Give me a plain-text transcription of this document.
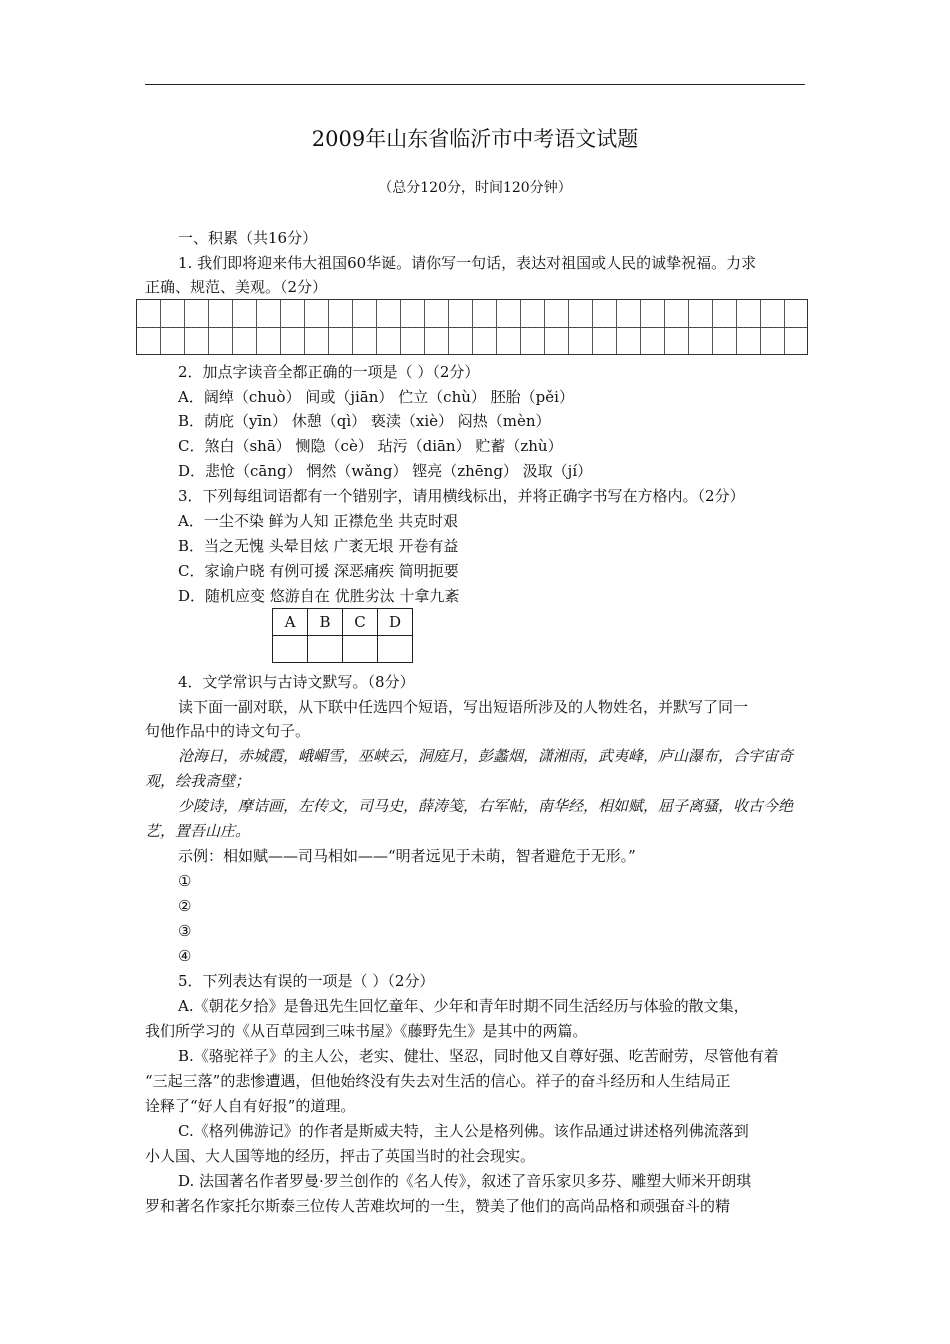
2009年山东省临沂市中考语文试题
（总分120分，时间120分钟）
一、积累（共16分）
1. 我们即将迎来伟大祖国60华诞。请你写一句话，表达对祖国或人民的诚挚祝福。力求
正确、规范、美观。（2分）
2．加点字读音全都正确的一项是（ ）（2分）
A．阔绰（chuò） 间或（jiān） 伫立（chù） 胚胎（pěi）
B．荫庇（yīn） 休憩（qì） 亵渎（xiè） 闷热（mèn）
C．煞白（shā） 恻隐（cè） 玷污（diān） 贮蓄（zhù）
D．悲怆（cāng） 惘然（wǎng） 铿亮（zhēng） 汲取（jí）
3．下列每组词语都有一个错别字，请用横线标出，并将正确字书写在方格内。（2分）
A．一尘不染 鲜为人知 正襟危坐 共克时艰
B．当之无愧 头晕目炫 广袤无垠 开卷有益
C．家谕户晓 有例可援 深恶痛疾 简明扼要
D．随机应变 悠游自在 优胜劣汰 十拿九紊
A	B	C	D

4．文学常识与古诗文默写。（8分）
读下面一副对联，从下联中任选四个短语，写出短语所涉及的人物姓名，并默写了同一
句他作品中的诗文句子。
沧海日，赤城霞，峨嵋雪，巫峡云，洞庭月，彭蠡烟，潇湘雨，武夷峰，庐山瀑布，合宇宙奇
观，绘我斋壁；
少陵诗，摩诘画，左传文，司马史，薛涛笺，右军帖，南华经，相如赋，屈子离骚，收古今绝
艺，置吾山庄。
示例：相如赋——司马相如——“明者远见于未萌，智者避危于无形。”
①
②
③
④
5．下列表达有误的一项是（ ）（2分）
A.《朝花夕拾》是鲁迅先生回忆童年、少年和青年时期不同生活经历与体验的散文集，
我们所学习的《从百草园到三味书屋》《藤野先生》是其中的两篇。
B.《骆驼祥子》的主人公，老实、健壮、坚忍，同时他又自尊好强、吃苦耐劳，尽管他有着
“三起三落”的悲惨遭遇，但他始终没有失去对生活的信心。祥子的奋斗经历和人生结局正
诠释了“好人自有好报”的道理。
C.《格列佛游记》的作者是斯威夫特，主人公是格列佛。该作品通过讲述格列佛流落到
小人国、大人国等地的经历，抨击了英国当时的社会现实。
D. 法国著名作者罗曼·罗兰创作的《名人传》，叙述了音乐家贝多芬、雕塑大师米开朗琪
罗和著名作家托尔斯泰三位传人苦难坎坷的一生，赞美了他们的高尚品格和顽强奋斗的精
